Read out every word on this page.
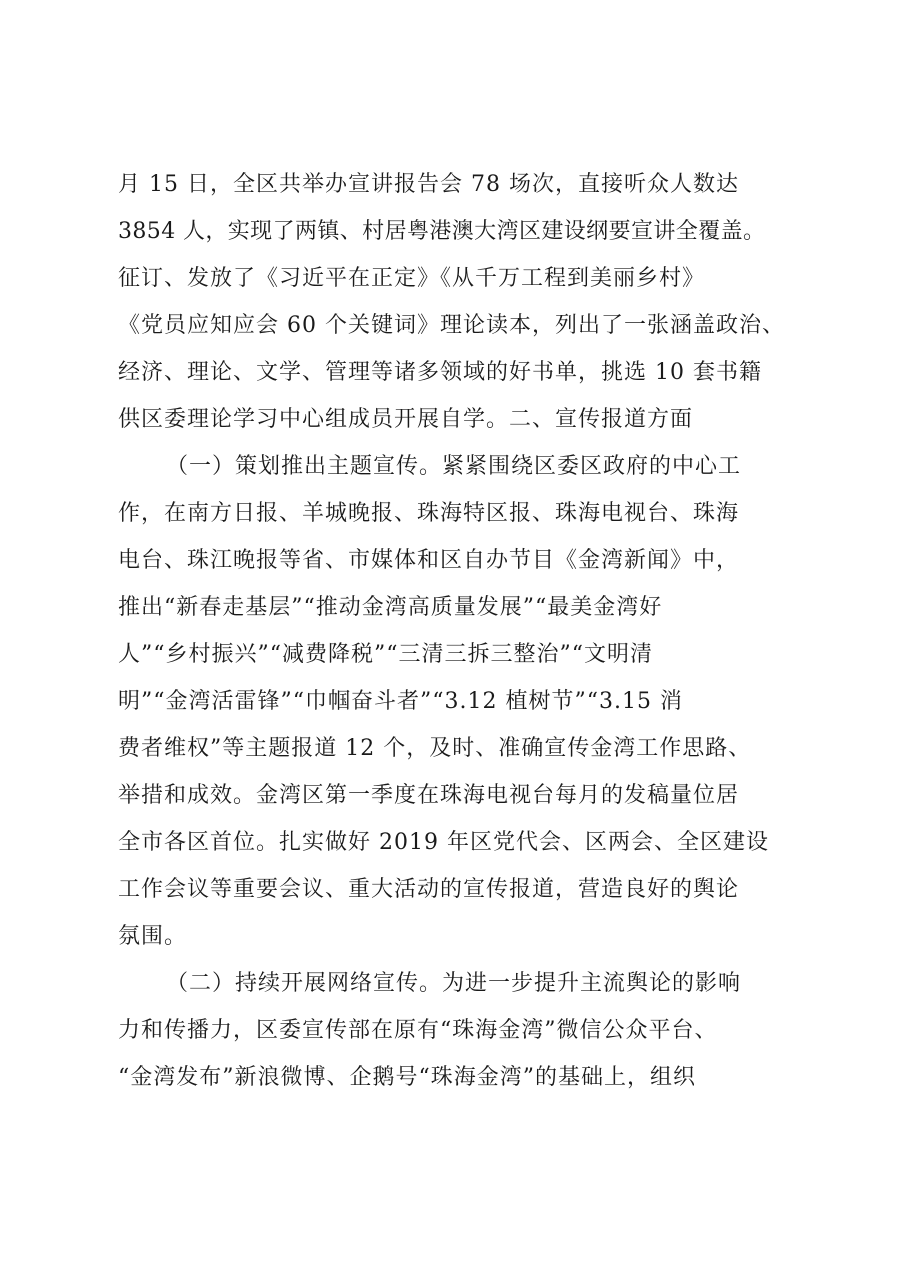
月 15 日，全区共举办宣讲报告会 78 场次，直接听众人数达
3854 人，实现了两镇、村居粤港澳大湾区建设纲要宣讲全覆盖。
征订、发放了《习近平在正定》《从千万工程到美丽乡村》
《党员应知应会 60 个关键词》理论读本，列出了一张涵盖政治、
经济、理论、文学、管理等诸多领域的好书单，挑选 10 套书籍
供区委理论学习中心组成员开展自学。二、宣传报道方面
（一）策划推出主题宣传。紧紧围绕区委区政府的中心工
作，在南方日报、羊城晚报、珠海特区报、珠海电视台、珠海
电台、珠江晚报等省、市媒体和区自办节目《金湾新闻》中，
推出“新春走基层”“推动金湾高质量发展”“最美金湾好
人”“乡村振兴”“减费降税”“三清三拆三整治”“文明清
明”“金湾活雷锋”“巾帼奋斗者”“3.12 植树节”“3.15 消
费者维权”等主题报道 12 个，及时、准确宣传金湾工作思路、
举措和成效。金湾区第一季度在珠海电视台每月的发稿量位居
全市各区首位。扎实做好 2019 年区党代会、区两会、全区建设
工作会议等重要会议、重大活动的宣传报道，营造良好的舆论
氛围。
（二）持续开展网络宣传。为进一步提升主流舆论的影响
力和传播力，区委宣传部在原有“珠海金湾”微信公众平台、
“金湾发布”新浪微博、企鹅号“珠海金湾”的基础上，组织
